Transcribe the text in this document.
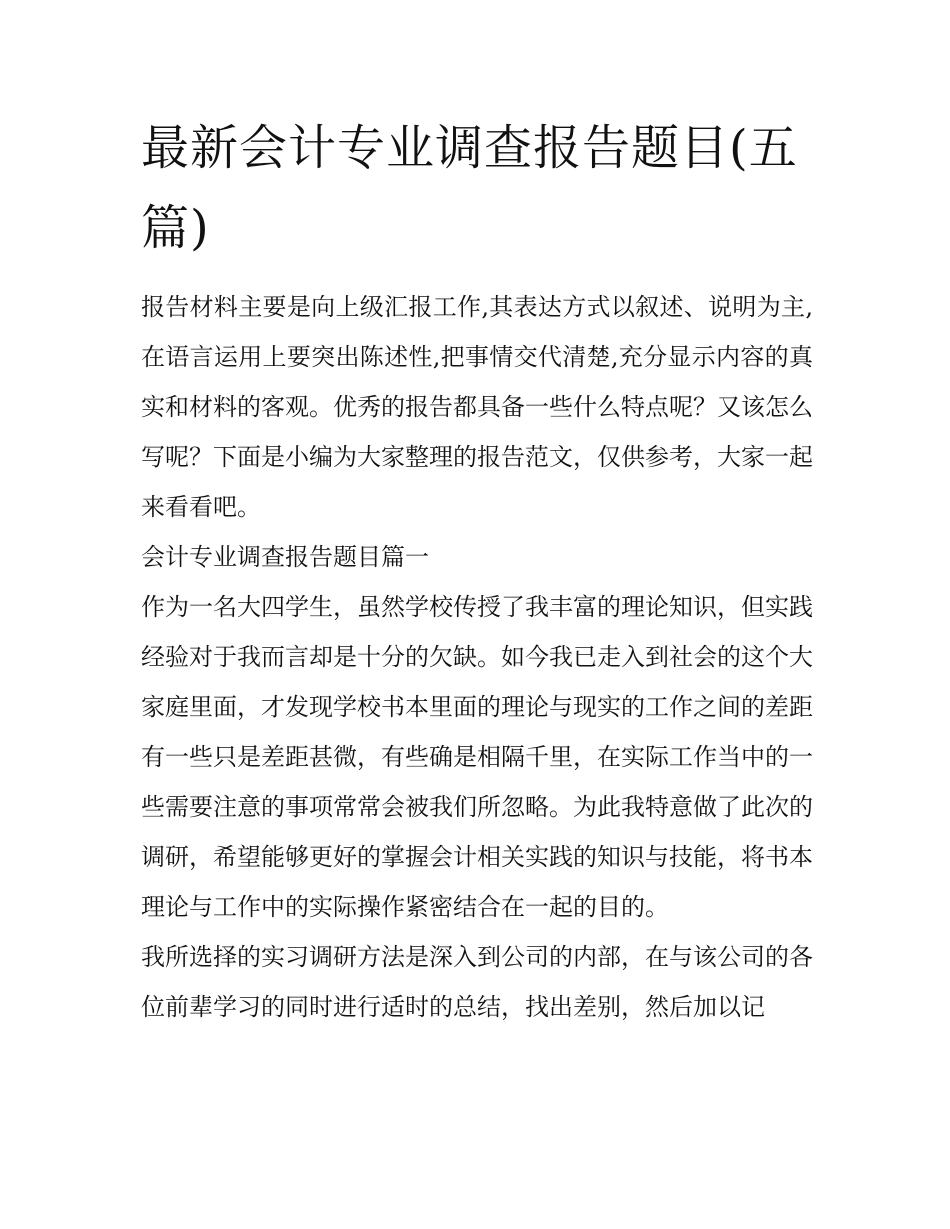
最新会计专业调查报告题目(五篇)

报告材料主要是向上级汇报工作,其表达方式以叙述、说明为主,在语言运用上要突出陈述性,把事情交代清楚,充分显示内容的真实和材料的客观。优秀的报告都具备一些什么特点呢？又该怎么写呢？下面是小编为大家整理的报告范文，仅供参考，大家一起来看看吧。

会计专业调查报告题目篇一

作为一名大四学生，虽然学校传授了我丰富的理论知识，但实践经验对于我而言却是十分的欠缺。如今我已走入到社会的这个大家庭里面，才发现学校书本里面的理论与现实的工作之间的差距有一些只是差距甚微，有些确是相隔千里，在实际工作当中的一些需要注意的事项常常会被我们所忽略。为此我特意做了此次的调研，希望能够更好的掌握会计相关实践的知识与技能，将书本理论与工作中的实际操作紧密结合在一起的目的。

我所选择的实习调研方法是深入到公司的内部，在与该公司的各位前辈学习的同时进行适时的总结，找出差别，然后加以记
